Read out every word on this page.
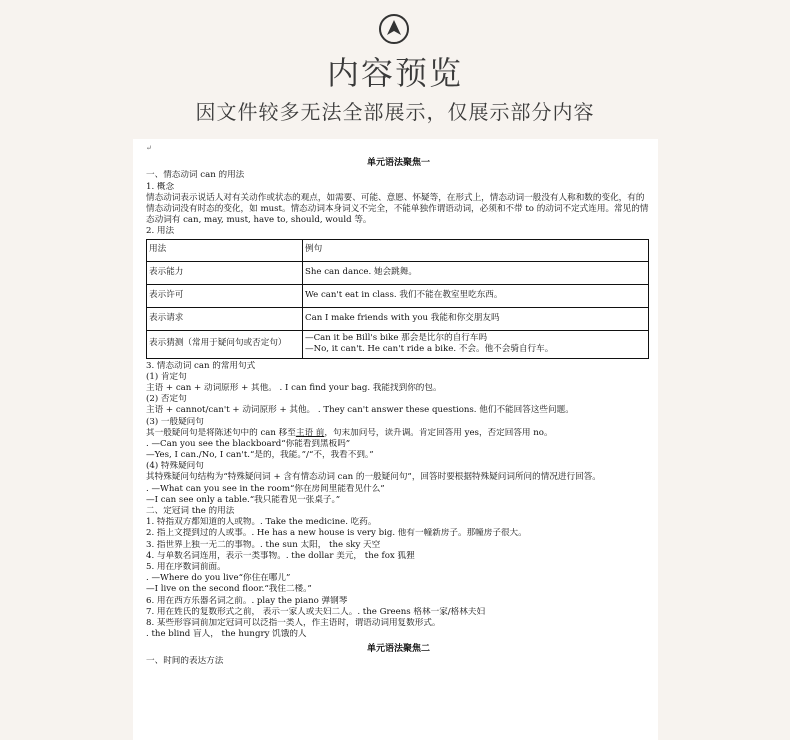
内容预览
因文件较多无法全部展示，仅展示部分内容
↵
单元语法聚焦一
一、情态动词 can 的用法
1. 概念
情态动词表示说话人对有关动作或状态的观点，如需要、可能、意愿、怀疑等，在形式上，情态动词一般没有人称和数的变化，有的情态动词没有时态的变化，如 must。情态动词本身词义不完全，不能单独作谓语动词，必须和不带 to 的动词不定式连用。常见的情态动词有 can, may, must, have to, should, would 等。
2. 用法
用法	例句
表示能力	She can dance. 她会跳舞。
表示许可	We can't eat in class. 我们不能在教室里吃东西。
表示请求	Can I make friends with you 我能和你交朋友吗
表示猜测（常用于疑问句或否定句）	—Can it be Bill's bike 那会是比尔的自行车吗
—No, it can't. He can't ride a bike. 不会。他不会骑自行车。
3. 情态动词 can 的常用句式
(1) 肯定句
主语 + can + 动词原形 + 其他。 . I can find your bag. 我能找到你的包。
(2) 否定句
主语 + cannot/can't + 动词原形 + 其他。 . They can't answer these questions. 他们不能回答这些问题。
(3) 一般疑问句
其一般疑问句是将陈述句中的 can 移至主语 前，句末加问号，读升调。肯定回答用 yes，否定回答用 no。
. —Can you see the blackboard“你能看到黑板吗”
—Yes, I can./No, I can't.“是的，我能。”/“不，我看不到。”
(4) 特殊疑问句
其特殊疑问句结构为“特殊疑问词 + 含有情态动词 can 的一般疑问句”，回答时要根据特殊疑问词所问的情况进行回答。
. —What can you see in the room“你在房间里能看见什么”
—I can see only a table.“我只能看见一张桌子。”
二、定冠词 the 的用法
1. 特指双方都知道的人或物。. Take the medicine. 吃药。
2. 指上文提到过的人或事。. He has a new house is very big. 他有一幢新房子。那幢房子很大。
3. 指世界上独一无二的事物。. the sun 太阳， the sky 天空
4. 与单数名词连用，表示一类事物。. the dollar 美元， the fox 狐狸
5. 用在序数词前面。
. —Where do you live“你住在哪儿”
—I live on the second floor.“我住二楼。”
6. 用在西方乐器名词之前。. play the piano 弹钢琴
7. 用在姓氏的复数形式之前， 表示一家人或夫妇二人。. the Greens 格林一家/格林夫妇
8. 某些形容词前加定冠词可以泛指一类人，作主语时，谓语动词用复数形式。
. the blind 盲人， the hungry 饥饿的人
单元语法聚焦二
一、时间的表达方法
